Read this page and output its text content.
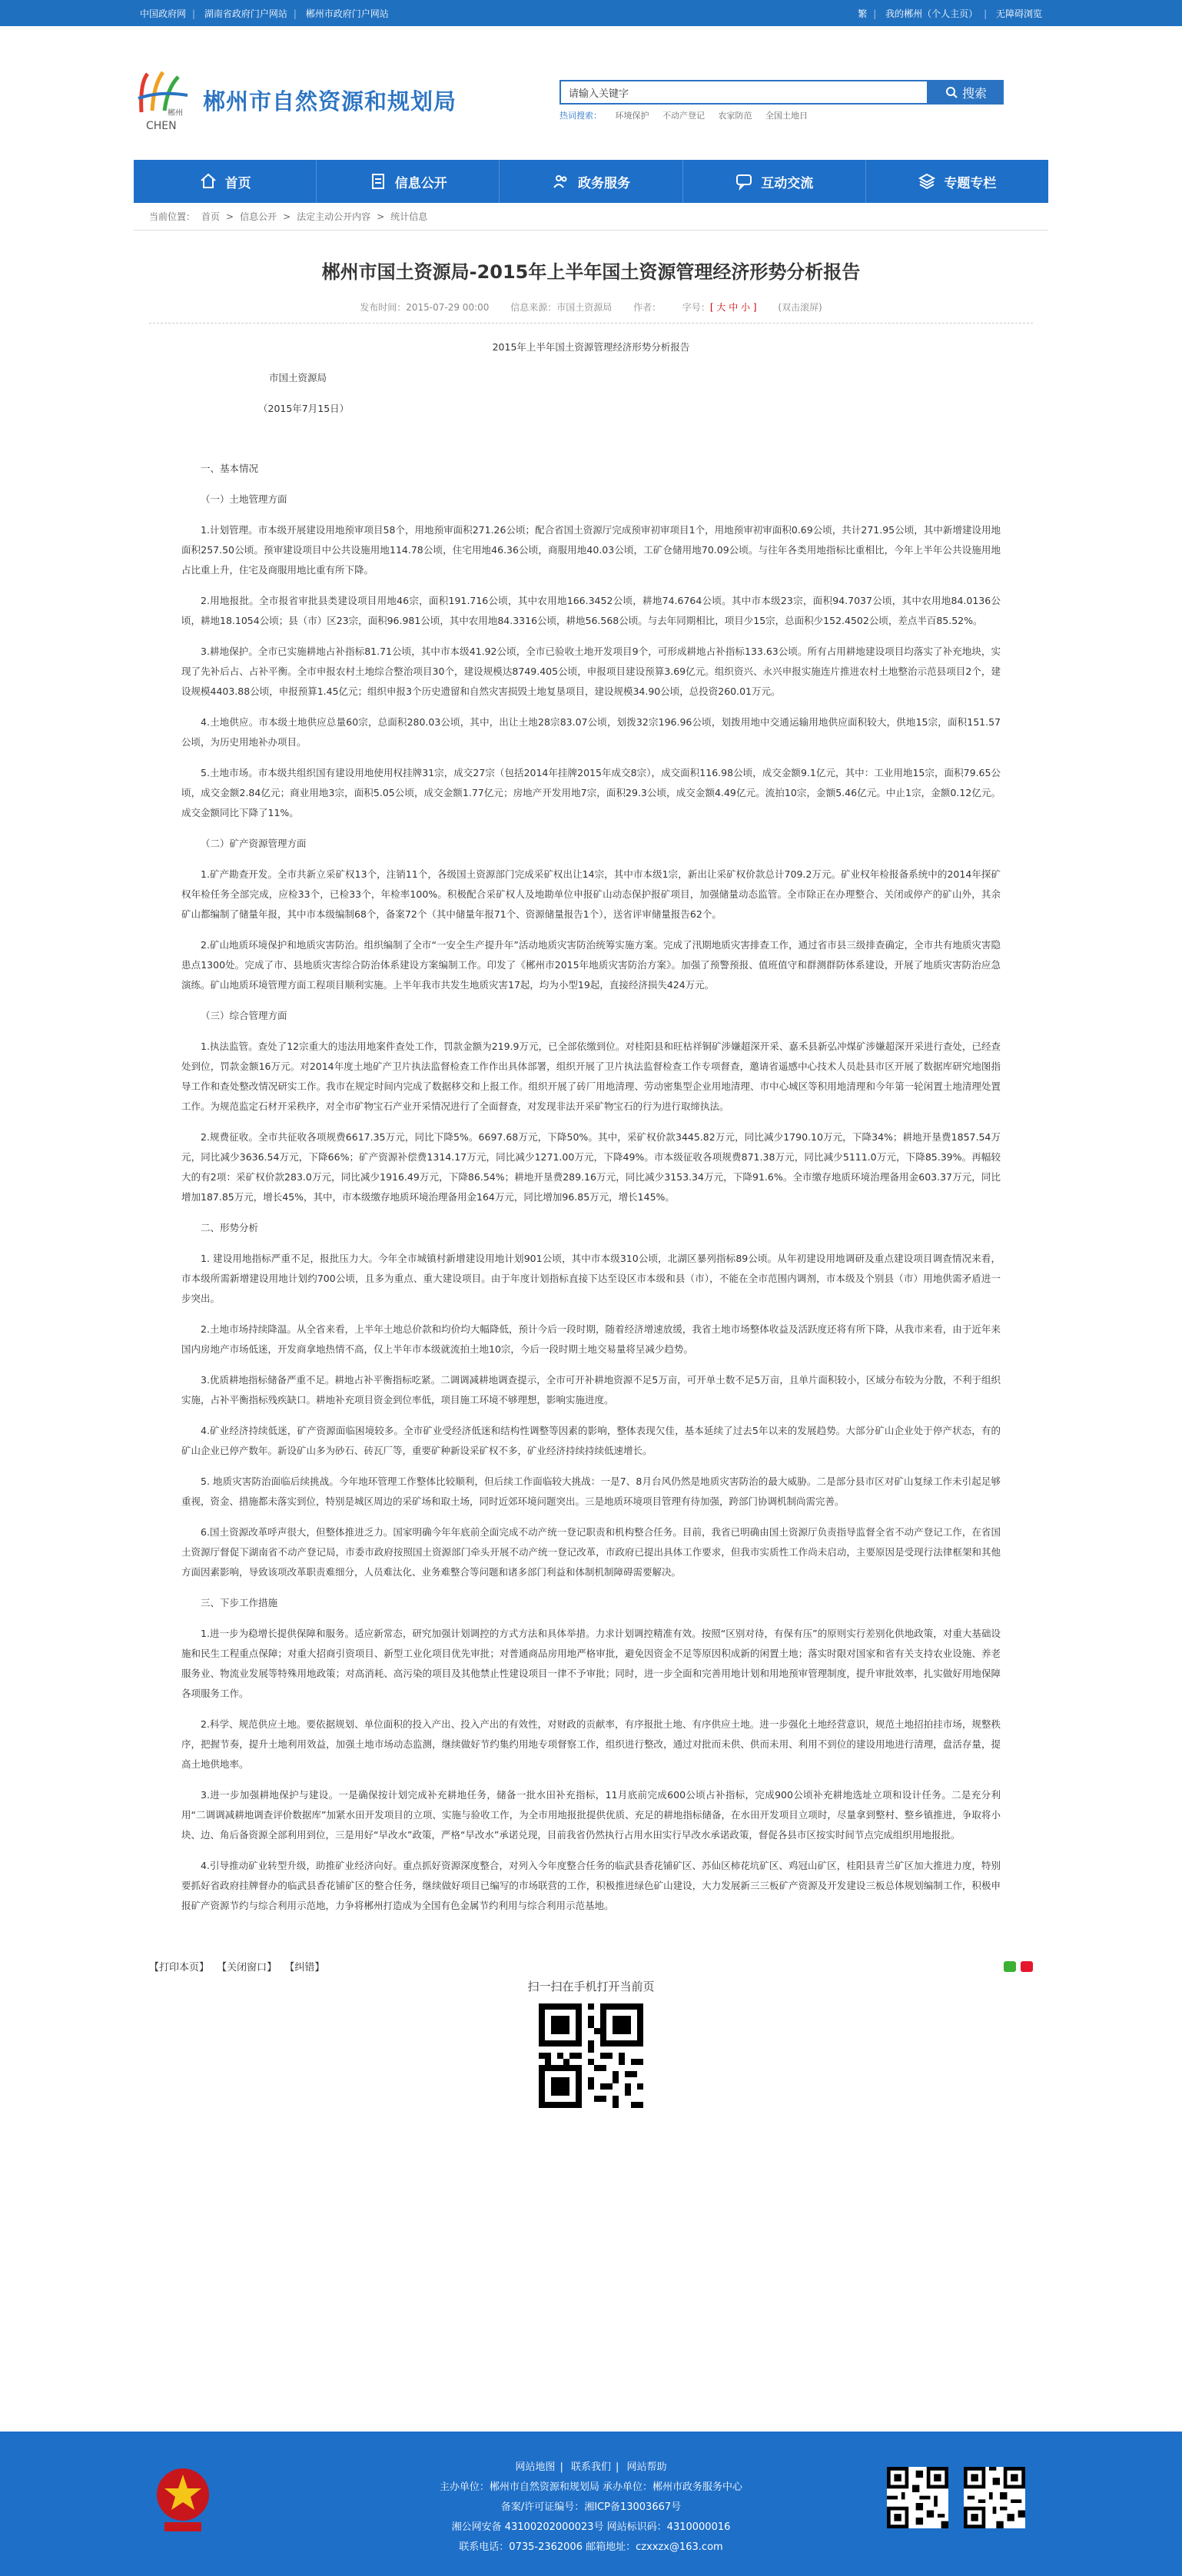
中国政府网 | 湖南省政府门户网站 | 郴州市政府门户网站	繁 | 我的郴州（个人主页） | 无障碍浏览
郴州
CHEN
郴州市自然资源和规划局
请输入关键字	搜索
热词搜索： 环境保护 不动产登记 农家防范 全国土地日
首页	信息公开	政务服务	互动交流	专题专栏
当前位置： 首页 > 信息公开 > 法定主动公开内容 > 统计信息
郴州市国土资源局-2015年上半年国土资源管理经济形势分析报告
发布时间：2015-07-29 00:00 信息来源：市国土资源局 作者： 字号：[ 大 中 小 ] (双击滚屏)

2015年上半年国土资源管理经济形势分析报告

市国土资源局

（2015年7月15日）

一、基本情况

（一）土地管理方面

1.计划管理。市本级开展建设用地预审项目58个，用地预审面积271.26公顷；配合省国土资源厅完成预审初审项目1个，用地预审初审面积0.69公顷，共计271.95公顷，其中新增建设用地面积257.50公顷。预审建设项目中公共设施用地114.78公顷，住宅用地46.36公顷，商服用地40.03公顷，工矿仓储用地70.09公顷。与往年各类用地指标比重相比，今年上半年公共设施用地占比重上升，住宅及商服用地比重有所下降。

2.用地报批。全市报省审批县类建设项目用地46宗，面积191.716公顷，其中农用地166.3452公顷，耕地74.6764公顷。其中市本级23宗，面积94.7037公顷，其中农用地84.0136公顷，耕地18.1054公顷；县（市）区23宗，面积96.981公顷，其中农用地84.3316公顷，耕地56.568公顷。与去年同期相比，项目少15宗，总面积少152.4502公顷，差点半百85.52%。

3.耕地保护。全市已实施耕地占补指标81.71公顷，其中市本级41.92公顷，全市已验收土地开发项目9个，可形成耕地占补指标133.63公顷。所有占用耕地建设项目均落实了补充地块，实现了先补后占、占补平衡。全市申报农村土地综合整治项目30个，建设规模达8749.405公顷，申报项目建设预算3.69亿元。组织资兴、永兴申报实施连片推进农村土地整治示范县项目2个，建设规模4403.88公顷，申报预算1.45亿元；组织申报3个历史遗留和自然灾害损毁土地复垦项目，建设规模34.90公顷，总投资260.01万元。

4.土地供应。市本级土地供应总量60宗，总面积280.03公顷，其中，出让土地28宗83.07公顷，划拨32宗196.96公顷，划拨用地中交通运输用地供应面积较大，供地15宗，面积151.57公顷，为历史用地补办项目。

5.土地市场。市本级共组织国有建设用地使用权挂牌31宗，成交27宗（包括2014年挂牌2015年成交8宗），成交面积116.98公顷，成交金额9.1亿元，其中：工业用地15宗，面积79.65公顷，成交金额2.84亿元；商业用地3宗，面积5.05公顷，成交金额1.77亿元；房地产开发用地7宗，面积29.3公顷，成交金额4.49亿元。流拍10宗，金额5.46亿元。中止1宗，金额0.12亿元。成交金额同比下降了11%。

（二）矿产资源管理方面

1.矿产勘查开发。全市共新立采矿权13个，注销11个，各级国土资源部门完成采矿权出让14宗，其中市本级1宗，新出让采矿权价款总计709.2万元。矿业权年检报备系统中的2014年探矿权年检任务全部完成，应检33个，已检33个，年检率100%。积极配合采矿权人及地勘单位申报矿山动态保护报矿项目，加强储量动态监管。全市除正在办理整合、关闭或停产的矿山外，其余矿山都编制了储量年报，其中市本级编制68个，备案72个（其中储量年报71个、资源储量报告1个），送省评审储量报告62个。

2.矿山地质环境保护和地质灾害防治。组织编制了全市“一安全生产提升年”活动地质灾害防治统筹实施方案。完成了汛期地质灾害排查工作，通过省市县三级排查确定，全市共有地质灾害隐患点1300处。完成了市、县地质灾害综合防治体系建设方案编制工作。印发了《郴州市2015年地质灾害防治方案》。加强了预警预报、值班值守和群测群防体系建设，开展了地质灾害防治应急演练。矿山地质环境管理方面工程项目顺利实施。上半年我市共发生地质灾害17起，均为小型19起，直接经济损失424万元。

（三）综合管理方面

1.执法监管。查处了12宗重大的违法用地案件查处工作，罚款金额为219.9万元，已全部依缴到位。对桂阳县和旺枯祥铜矿涉嫌超深开采、嘉禾县新弘冲煤矿涉嫌超深开采进行查处，已经查处到位，罚款金额16万元。对2014年度土地矿产卫片执法监督检查工作作出具体部署，组织开展了卫片执法监督检查工作专项督查，邀请省遥感中心技术人员赴县市区开展了数据库研究地图指导工作和查处整改情况研实工作。我市在规定时间内完成了数据移交和上报工作。组织开展了砖厂用地清理、劳动密集型企业用地清理、市中心城区等积用地清理和今年第一轮闲置土地清理处置工作。为规范监定石材开采秩序，对全市矿物宝石产业开采情况进行了全面督查，对发现非法开采矿物宝石的行为进行取缔执法。

2.规费征收。全市共征收各项规费6617.35万元，同比下降5%。6697.68万元，下降50%。其中，采矿权价款3445.82万元，同比减少1790.10万元，下降34%；耕地开垦费1857.54万元，同比减少3636.54万元，下降66%；矿产资源补偿费1314.17万元，同比减少1271.00万元，下降49%。市本级征收各项规费871.38万元，同比减少5111.0万元，下降85.39%。再幅较大的有2项：采矿权价款283.0万元，同比减少1916.49万元，下降86.54%；耕地开垦费289.16万元，同比减少3153.34万元，下降91.6%。全市缴存地质环境治理备用金603.37万元，同比增加187.85万元，增长45%，其中，市本级缴存地质环境治理备用金164万元，同比增加96.85万元，增长145%。

二、形势分析

1. 建设用地指标严重不足，报批压力大。今年全市城镇村新增建设用地计划901公顷，其中市本级310公顷，北湖区暴列指标89公顷。从年初建设用地调研及重点建设项目调查情况来看，市本级所需新增建设用地计划约700公顷，且多为重点、重大建设项目。由于年度计划指标直接下达至设区市本级和县（市），不能在全市范围内调剂，市本级及个别县（市）用地供需矛盾进一步突出。

2.土地市场持续降温。从全省来看，上半年土地总价款和均价均大幅降低，预计今后一段时期，随着经济增速放缓，我省土地市场整体收益及活跃度还将有所下降，从我市来看，由于近年来国内房地产市场低迷，开发商拿地热情不高，仅上半年市本级就流拍土地10宗，今后一段时期土地交易量将呈减少趋势。

3.优质耕地指标储备严重不足。耕地占补平衡指标吃紧。二调调减耕地调查提示，全市可开补耕地资源不足5万亩，可开单土数不足5万亩，且单片面积较小，区域分布较为分散，不利于组织实施，占补平衡指标残疾缺口。耕地补充项目资金到位率低，项目施工环境不够理想，影响实施进度。

4.矿业经济持续低迷，矿产资源面临困境较多。全市矿业受经济低迷和结构性调整等因素的影响，整体表现欠佳，基本延续了过去5年以来的发展趋势。大部分矿山企业处于停产状态，有的矿山企业已停产数年。新设矿山多为砂石、砖瓦厂等，重要矿种新设采矿权不多，矿业经济持续持续低速增长。

5. 地质灾害防治面临后续挑战。今年地环管理工作整体比较顺利，但后续工作面临较大挑战：一是7、8月台风仍然是地质灾害防治的最大威胁。二是部分县市区对矿山复绿工作未引起足够重视，资金、措施都未落实到位，特别是城区周边的采矿场和取土场，同时近郊环境问题突出。三是地质环境项目管理有待加强，跨部门协调机制尚需完善。

6.国土资源改革呼声很大，但整体推进乏力。国家明确今年年底前全面完成不动产统一登记职责和机构整合任务。目前，我省已明确由国土资源厅负责指导监督全省不动产登记工作，在省国土资源厅督促下湖南省不动产登记局，市委市政府按照国土资源部门牵头开展不动产统一登记改革，市政府已提出具体工作要求，但我市实质性工作尚未启动，主要原因是受现行法律框架和其他方面因素影响，导致该项改革职责难细分，人员难汰化、业务难整合等问题和诸多部门利益和体制机制障碍需要解决。

三、下步工作措施

1.进一步为稳增长提供保障和服务。适应新常态，研究加强计划调控的方式方法和具体举措。力求计划调控精准有效。按照“区别对待，有保有压”的原则实行差别化供地政策，对重大基础设施和民生工程重点保障；对重大招商引资项目、新型工业化项目优先审批；对普通商品房用地严格审批，避免因资金不足等原因积成新的闲置土地；落实时限对国家和省有关支持农业设施、养老服务业、物流业发展等特殊用地政策；对高消耗、高污染的项目及其他禁止性建设项目一律不予审批；同时，进一步全面和完善用地计划和用地预审管理制度，提升审批效率，扎实做好用地保障各项服务工作。

2.科学、规范供应土地。要依据规划、单位面积的投入产出、投入产出的有效性，对财政的贡献率，有序报批土地、有序供应土地。进一步强化土地经营意识，规范土地招拍挂市场，规整秩序，把握节奏，提升土地利用效益，加强土地市场动态监测，继续做好节约集约用地专项督察工作，组织进行整改，通过对批而未供、供而未用、利用不到位的建设用地进行清理，盘活存量，提高土地供地率。

3.进一步加强耕地保护与建设。一是确保按计划完成补充耕地任务，储备一批水田补充指标，11月底前完成600公顷占补指标，完成900公顷补充耕地选址立项和设计任务。二是充分利用“二调调减耕地调查评价数据库”加紧水田开发项目的立项、实施与验收工作，为全市用地报批提供优质、充足的耕地指标储备，在水田开发项目立项时，尽量拿到整村、整乡镇推进，争取将小块、边、角后备资源全部利用到位，三是用好“早改水”政策，严格“早改水”承诺兑现，目前我省仍然执行占用水田实行早改水承诺政策，督促各县市区按实时间节点完成组织用地报批。

4.引导推动矿业转型升级，助推矿业经济向好。重点抓好资源深度整合，对列入今年度整合任务的临武县香花铺矿区、苏仙区柿花坑矿区、鸡冠山矿区，桂阳县青兰矿区加大推进力度，特别要抓好省政府挂牌督办的临武县香花铺矿区的整合任务，继续做好项目已编写的市场联营的工作，积极推进绿色矿山建设，大力发展新三三板矿产资源及开发建设三板总体规划编制工作，积极申报矿产资源节约与综合利用示范地，力争将郴州打造成为全国有色金属节约利用与综合利用示范基地。

【打印本页】 【关闭窗口】 【纠错】
扫一扫在手机打开当前页
网站地图 | 联系我们 | 网站帮助
主办单位：郴州市自然资源和规划局 承办单位：郴州市政务服务中心
备案/许可证编号：湘ICP备13003667号
湘公网安备 43100202000023号 网站标识码：4310000016
联系电话：0735-2362006 邮箱地址：czxxzx@163.com
